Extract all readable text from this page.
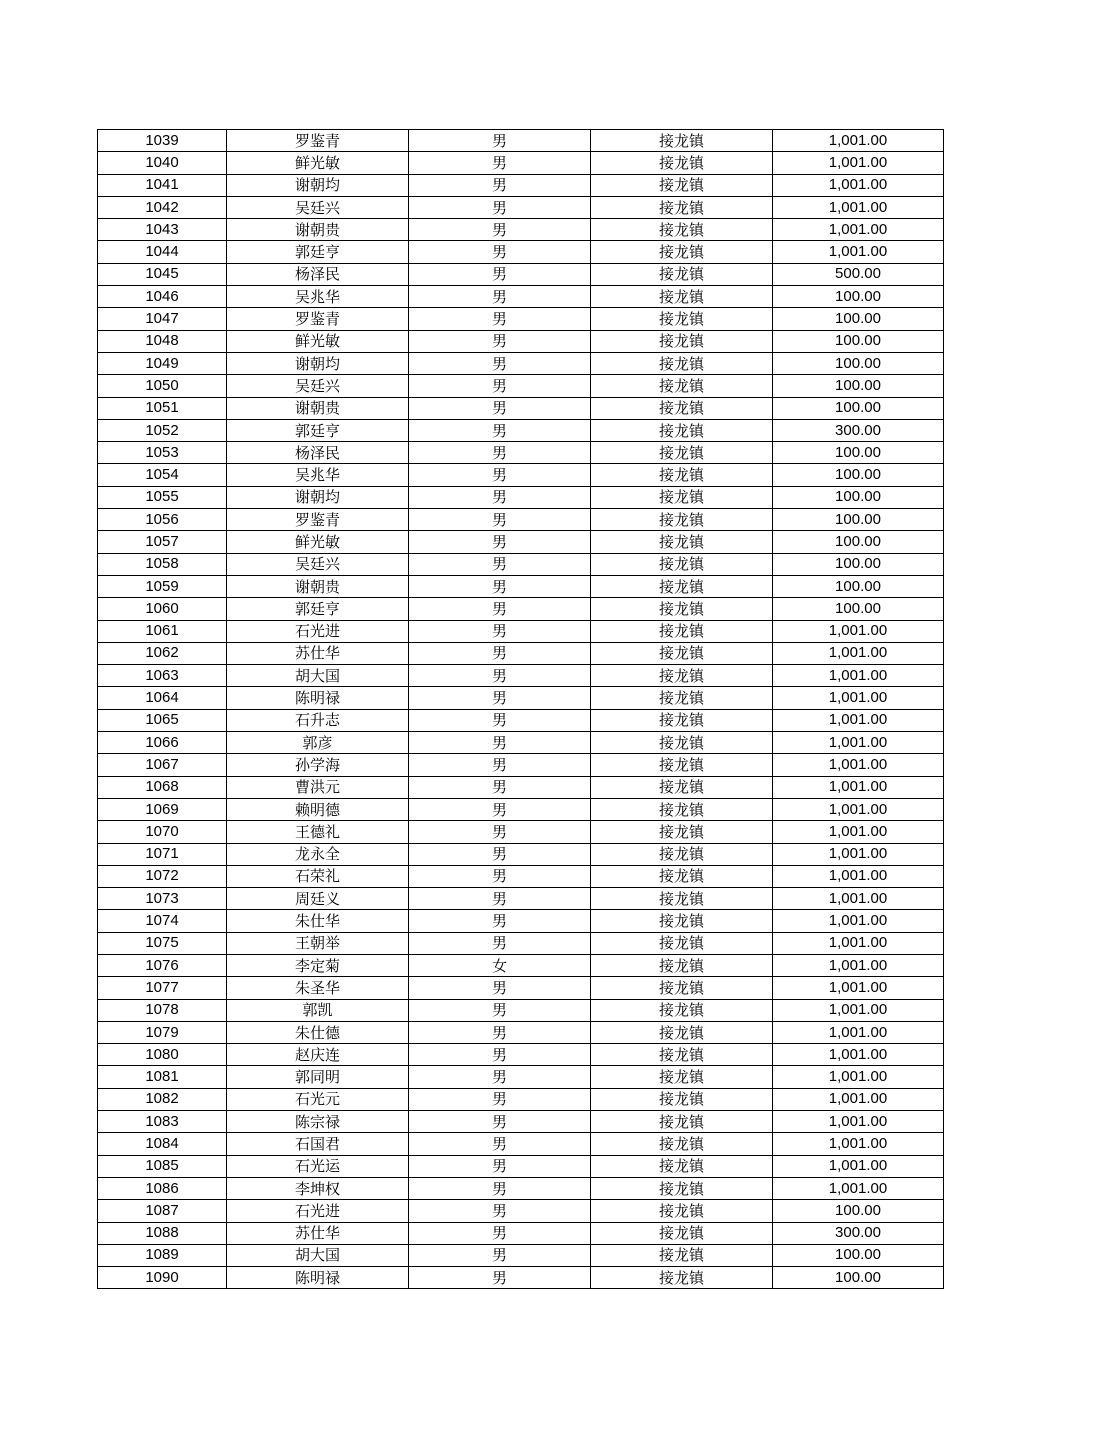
1039	罗鉴青	男	接龙镇	1,001.00
1040	鲜光敏	男	接龙镇	1,001.00
1041	谢朝均	男	接龙镇	1,001.00
1042	吴廷兴	男	接龙镇	1,001.00
1043	谢朝贵	男	接龙镇	1,001.00
1044	郭廷亨	男	接龙镇	1,001.00
1045	杨泽民	男	接龙镇	500.00
1046	吴兆华	男	接龙镇	100.00
1047	罗鉴青	男	接龙镇	100.00
1048	鲜光敏	男	接龙镇	100.00
1049	谢朝均	男	接龙镇	100.00
1050	吴廷兴	男	接龙镇	100.00
1051	谢朝贵	男	接龙镇	100.00
1052	郭廷亨	男	接龙镇	300.00
1053	杨泽民	男	接龙镇	100.00
1054	吴兆华	男	接龙镇	100.00
1055	谢朝均	男	接龙镇	100.00
1056	罗鉴青	男	接龙镇	100.00
1057	鲜光敏	男	接龙镇	100.00
1058	吴廷兴	男	接龙镇	100.00
1059	谢朝贵	男	接龙镇	100.00
1060	郭廷亨	男	接龙镇	100.00
1061	石光进	男	接龙镇	1,001.00
1062	苏仕华	男	接龙镇	1,001.00
1063	胡大国	男	接龙镇	1,001.00
1064	陈明禄	男	接龙镇	1,001.00
1065	石升志	男	接龙镇	1,001.00
1066	郭彦	男	接龙镇	1,001.00
1067	孙学海	男	接龙镇	1,001.00
1068	曹洪元	男	接龙镇	1,001.00
1069	赖明德	男	接龙镇	1,001.00
1070	王德礼	男	接龙镇	1,001.00
1071	龙永全	男	接龙镇	1,001.00
1072	石荣礼	男	接龙镇	1,001.00
1073	周廷义	男	接龙镇	1,001.00
1074	朱仕华	男	接龙镇	1,001.00
1075	王朝举	男	接龙镇	1,001.00
1076	李定菊	女	接龙镇	1,001.00
1077	朱圣华	男	接龙镇	1,001.00
1078	郭凯	男	接龙镇	1,001.00
1079	朱仕德	男	接龙镇	1,001.00
1080	赵庆连	男	接龙镇	1,001.00
1081	郭同明	男	接龙镇	1,001.00
1082	石光元	男	接龙镇	1,001.00
1083	陈宗禄	男	接龙镇	1,001.00
1084	石国君	男	接龙镇	1,001.00
1085	石光运	男	接龙镇	1,001.00
1086	李坤权	男	接龙镇	1,001.00
1087	石光进	男	接龙镇	100.00
1088	苏仕华	男	接龙镇	300.00
1089	胡大国	男	接龙镇	100.00
1090	陈明禄	男	接龙镇	100.00
